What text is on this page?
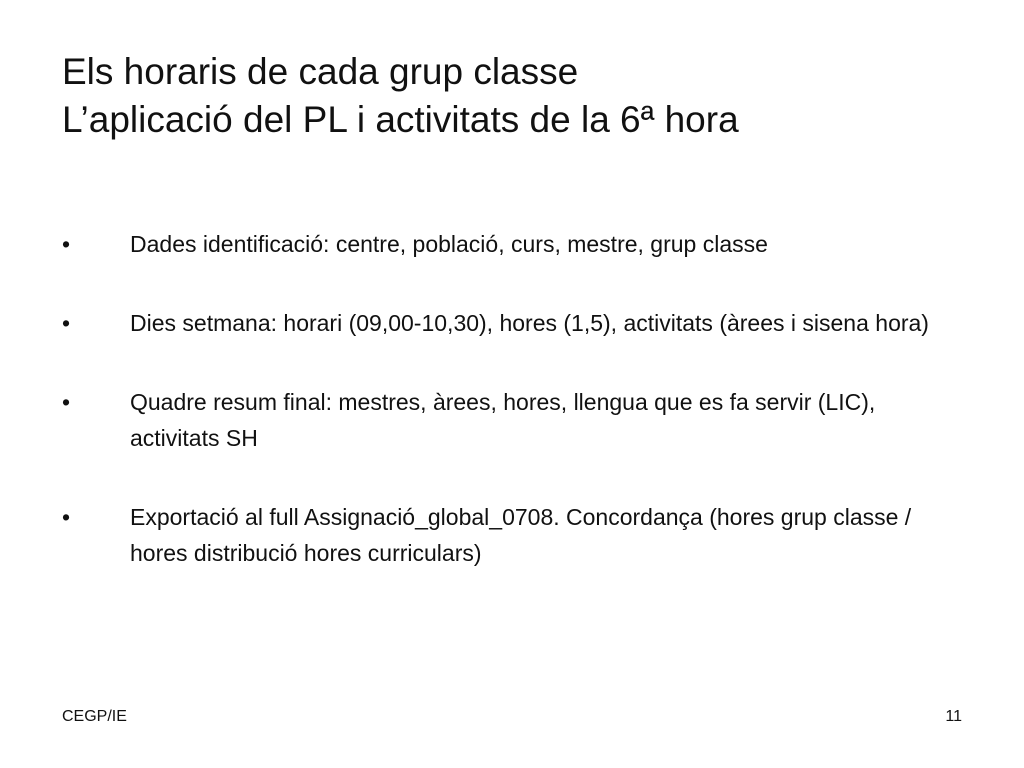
Els horaris de cada grup classe
L’aplicació del PL i activitats de la 6ª hora
•	Dades identificació: centre, població, curs, mestre, grup classe
•	Dies setmana: horari (09,00-10,30), hores (1,5), activitats (àrees i sisena hora)
•	Quadre resum final: mestres, àrees, hores, llengua que es fa servir (LIC), activitats SH
•	Exportació al full Assignació_global_0708. Concordança (hores grup classe / hores distribució hores curriculars)
CEGP/IE	11
